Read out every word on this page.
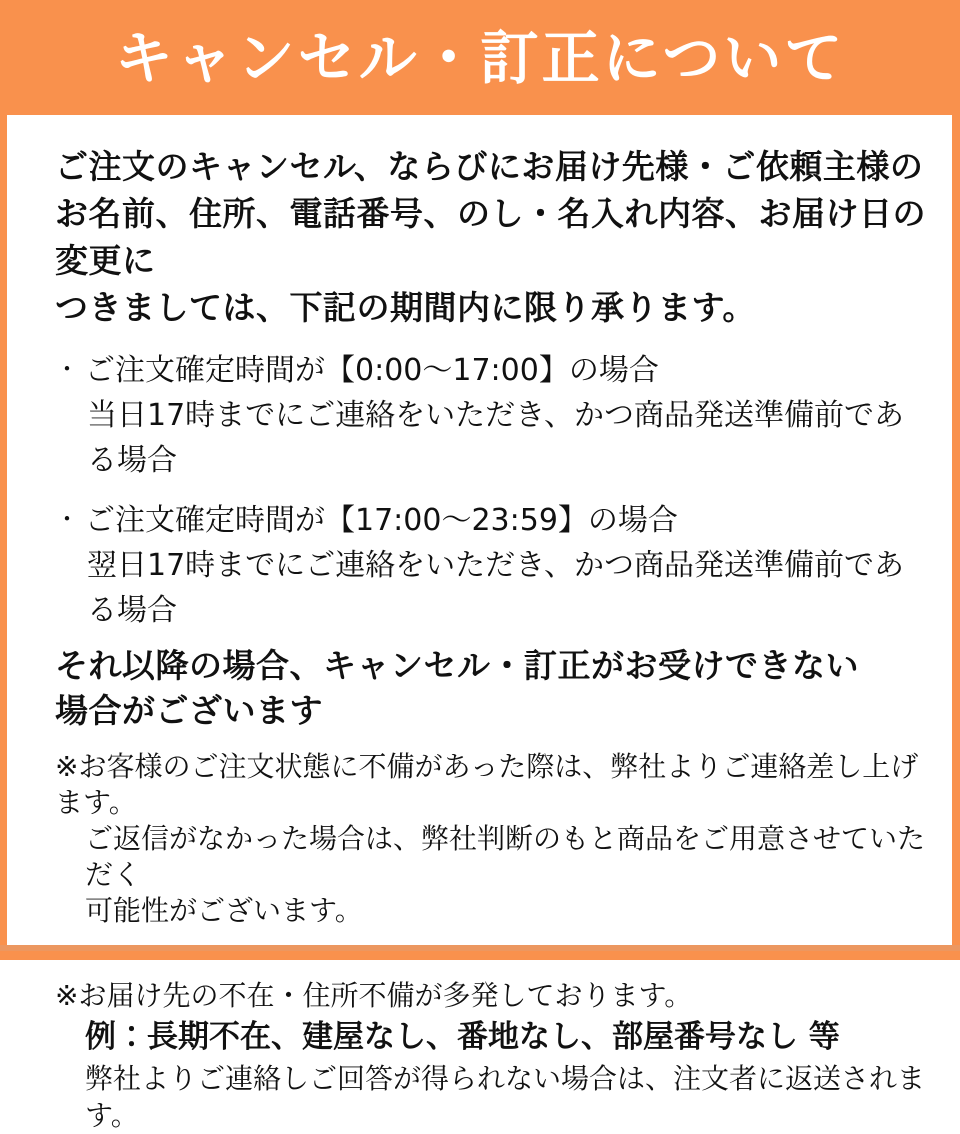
キャンセル・訂正について

ご注文のキャンセル、ならびにお届け先様・ご依頼主様の
お名前、住所、電話番号、のし・名入れ内容、お届け日の変更に
つきましては、下記の期間内に限り承ります。

・ ご注文確定時間が【0:00～17:00】の場合
当日17時までにご連絡をいただき、かつ商品発送準備前である場合
・ ご注文確定時間が【17:00～23:59】の場合
翌日17時までにご連絡をいただき、かつ商品発送準備前である場合

それ以降の場合、キャンセル・訂正がお受けできない
場合がございます

※お客様のご注文状態に不備があった際は、弊社よりご連絡差し上げます。
ご返信がなかった場合は、弊社判断のもと商品をご用意させていただく
可能性がございます。

※お届け先の不在・住所不備が多発しております。
例：長期不在、建屋なし、番地なし、部屋番号なし 等
弊社よりご連絡しご回答が得られない場合は、注文者に返送されます。
